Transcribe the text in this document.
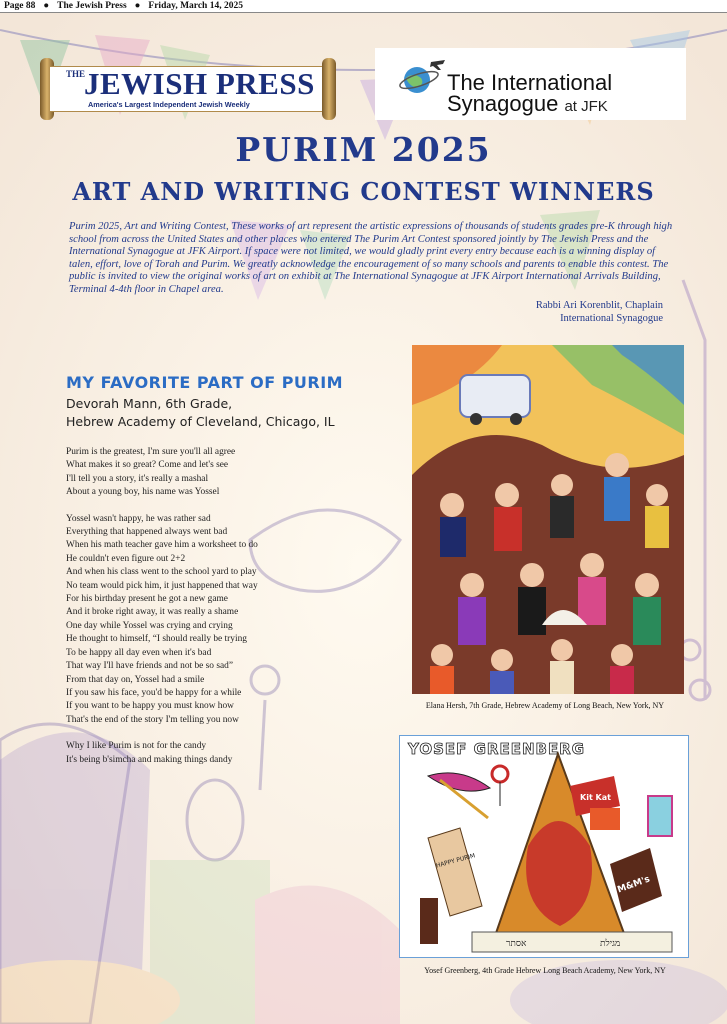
Page 88 ● The Jewish Press ● Friday, March 14, 2025
THE
JEWISH PRESS
America's Largest Independent Jewish Weekly
The International
Synagogue at JFK
PURIM 2025
ART AND WRITING CONTEST WINNERS

Purim 2025, Art and Writing Contest, These works of art represent the artistic expressions of thousands of students grades pre-K through high school from across the United States and other places who entered The Purim Art Contest sponsored jointly by The Jewish Press and the International Synagogue at JFK Airport. If space were not limited, we would gladly print every entry because each is a winning display of talen, effort, love of Torah and Purim. We greatly acknowledge the encouragement of so many schools and parents to enable this contest. The public is invited to view the original works of art on exhibit at The International Synagogue at JFK Airport International Arrivals Building, Terminal 4-4th floor in Chapel area.

Rabbi Ari Korenblit, Chaplain
International Synagogue
MY FAVORITE PART OF PURIM
Devorah Mann, 6th Grade,
Hebrew Academy of Cleveland, Chicago, IL
Purim is the greatest, I'm sure you'll all agree
What makes it so great? Come and let's see
I'll tell you a story, it's really a mashal
About a young boy, his name was Yossel
Yossel wasn't happy, he was rather sad
Everything that happened always went bad
When his math teacher gave him a worksheet to do
He couldn't even figure out 2+2
And when his class went to the school yard to play
No team would pick him, it just happened that way
For his birthday present he got a new game
And it broke right away, it was really a shame
One day while Yossel was crying and crying
He thought to himself, “I should really be trying
To be happy all day even when it's bad
That way I'll have friends and not be so sad”
From that day on, Yossel had a smile
If you saw his face, you'd be happy for a while
If you want to be happy you must know how
That's the end of the story I'm telling you now
Why I like Purim is not for the candy
It's being b'simcha and making things dandy
Elana Hersh, 7th Grade, Hebrew Academy of Long Beach, New York, NY
YOSEF GREENBERG
Kit Kat
M&M's
HAPPY PURIM
אסתר	מגילת
Yosef Greenberg, 4th Grade Hebrew Long Beach Academy, New York, NY
